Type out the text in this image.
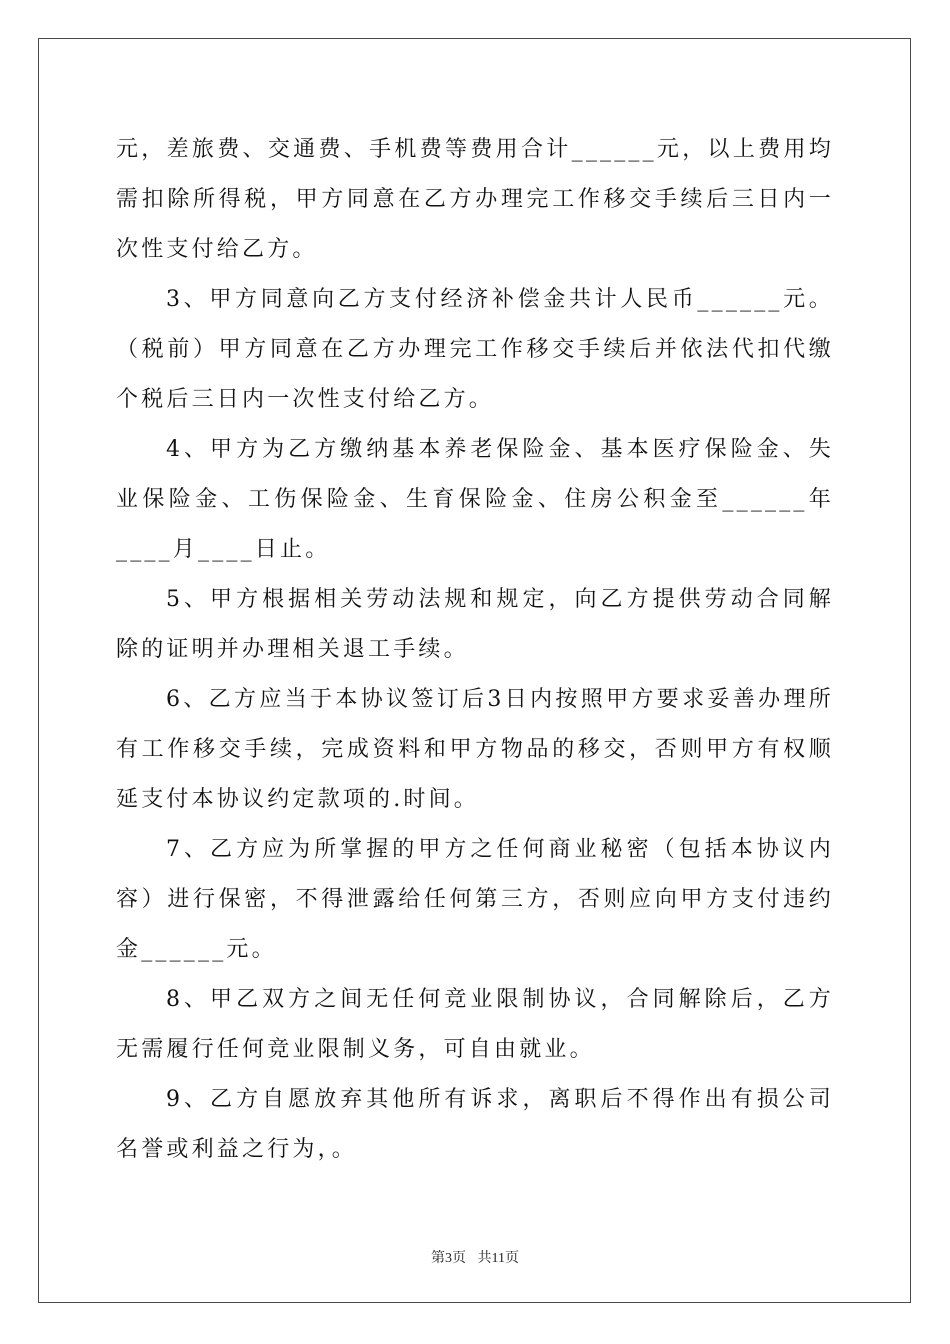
元，差旅费、交通费、手机费等费用合计______元，以上费用均需扣除所得税，甲方同意在乙方办理完工作移交手续后三日内一次性支付给乙方。

3、甲方同意向乙方支付经济补偿金共计人民币______元。（税前）甲方同意在乙方办理完工作移交手续后并依法代扣代缴个税后三日内一次性支付给乙方。

4、甲方为乙方缴纳基本养老保险金、基本医疗保险金、失业保险金、工伤保险金、生育保险金、住房公积金至______年____月____日止。

5、甲方根据相关劳动法规和规定，向乙方提供劳动合同解除的证明并办理相关退工手续。

6、乙方应当于本协议签订后3日内按照甲方要求妥善办理所有工作移交手续，完成资料和甲方物品的移交，否则甲方有权顺延支付本协议约定款项的.时间。

7、乙方应为所掌握的甲方之任何商业秘密（包括本协议内容）进行保密，不得泄露给任何第三方，否则应向甲方支付违约金______元。

8、甲乙双方之间无任何竞业限制协议，合同解除后，乙方无需履行任何竞业限制义务，可自由就业。

9、乙方自愿放弃其他所有诉求，离职后不得作出有损公司名誉或利益之行为，。

第3页 共11页
